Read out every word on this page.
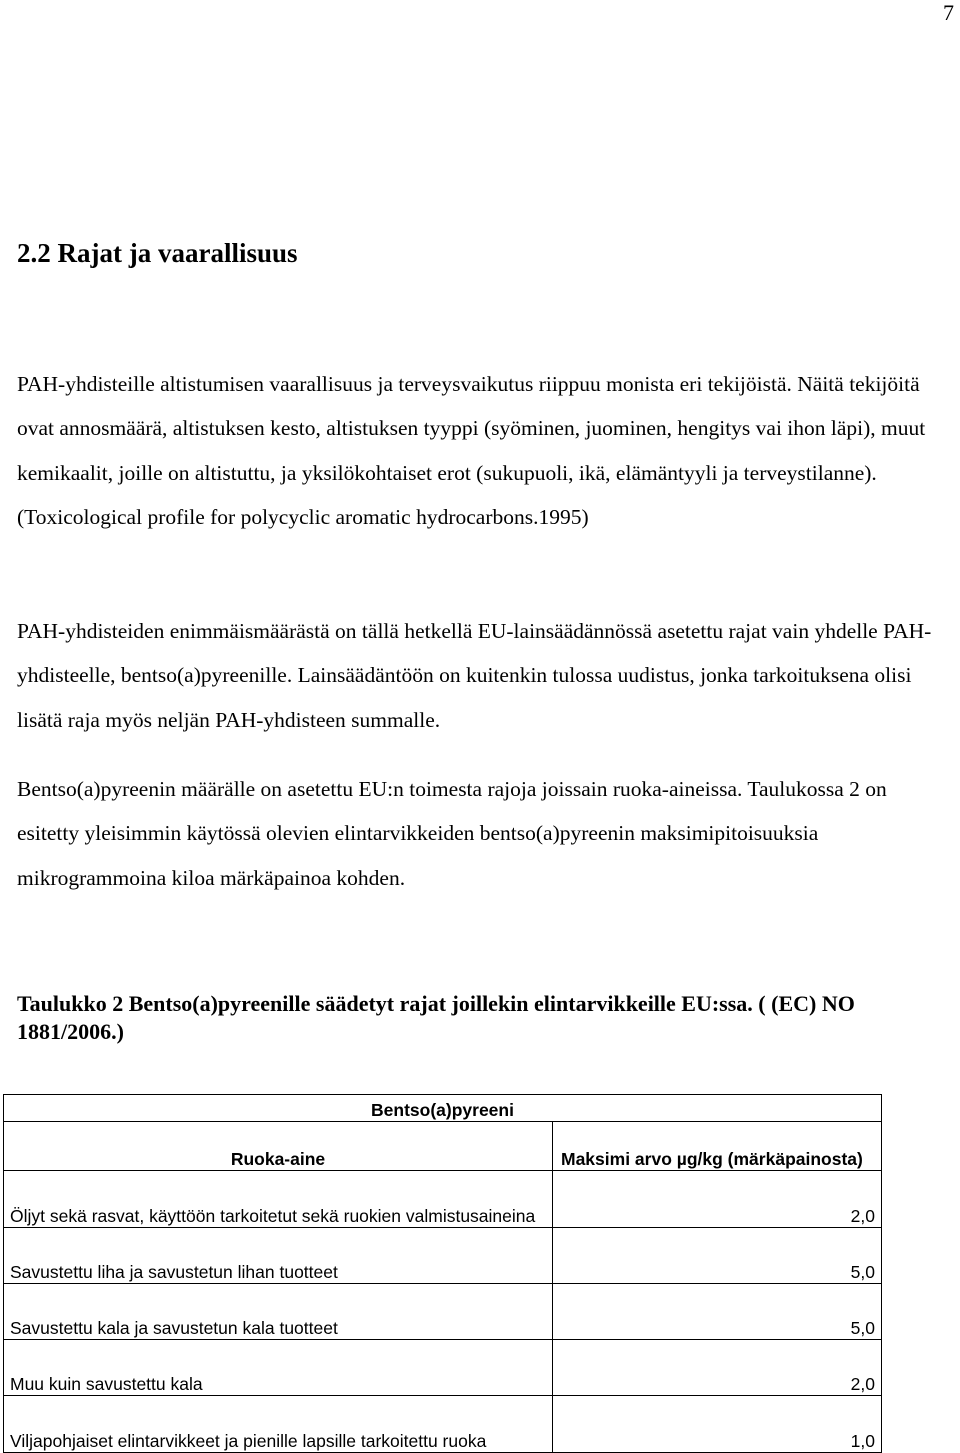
7
2.2 Rajat ja vaarallisuus

PAH-yhdisteille altistumisen vaarallisuus ja terveysvaikutus riippuu monista eri tekijöistä. Näitä tekijöitä ovat annosmäärä, altistuksen kesto, altistuksen tyyppi (syöminen, juominen, hengitys vai ihon läpi), muut kemikaalit, joille on altistuttu, ja yksilökohtaiset erot (sukupuoli, ikä, elämäntyyli ja terveystilanne). (Toxicological profile for polycyclic aromatic hydrocarbons.1995)

PAH-yhdisteiden enimmäismäärästä on tällä hetkellä EU-lainsäädännössä asetettu rajat vain yhdelle PAH-yhdisteelle, bentso(a)pyreenille. Lainsäädäntöön on kuitenkin tulossa uudistus, jonka tarkoituksena olisi lisätä raja myös neljän PAH-yhdisteen summalle.

Bentso(a)pyreenin määrälle on asetettu EU:n toimesta rajoja joissain ruoka-aineissa. Taulukossa 2 on esitetty yleisimmin käytössä olevien elintarvikkeiden bentso(a)pyreenin maksimipitoisuuksia mikrogrammoina kiloa märkäpainoa kohden.

Taulukko 2 Bentso(a)pyreenille säädetyt rajat joillekin elintarvikkeille EU:ssa. ( (EC) NO 1881/2006.)

Bentso(a)pyreeni	
Ruoka-aine	Maksimi arvo µg/kg (märkäpainosta)
Öljyt sekä rasvat, käyttöön tarkoitetut sekä ruokien valmistusaineina	2,0
Savustettu liha ja savustetun lihan tuotteet	5,0
Savustettu kala ja savustetun kala tuotteet	5,0
Muu kuin savustettu kala	2,0
Viljapohjaiset elintarvikkeet ja pienille lapsille tarkoitettu ruoka	1,0
